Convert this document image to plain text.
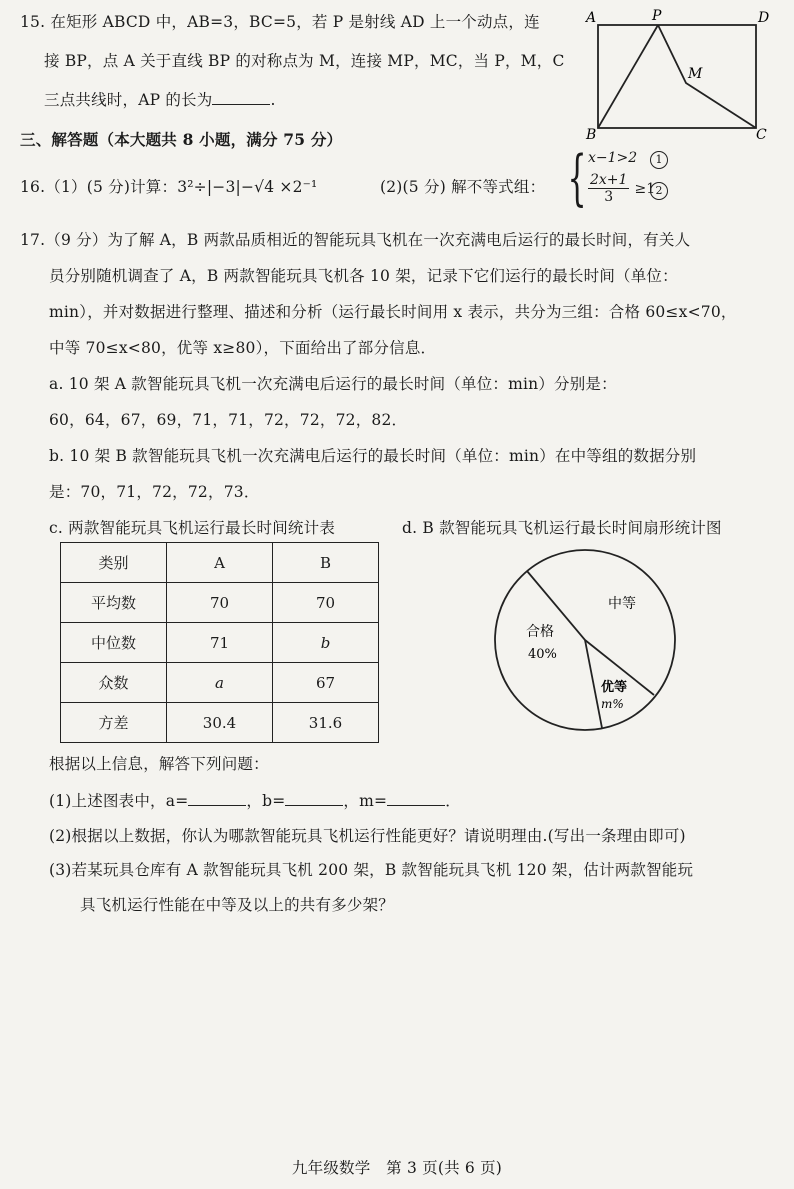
15. 在矩形 ABCD 中，AB=3，BC=5，若 P 是射线 AD 上一个动点，连
接 BP，点 A 关于直线 BP 的对称点为 M，连接 MP，MC，当 P，M，C
三点共线时，AP 的长为	.
A	P	D
B	C
M
三、解答题（本大题共 8 小题，满分 75 分）
16.（1）(5 分)计算：3²÷|−3|−√4 ×2⁻¹	(2)(5 分) 解不等式组： { x−1>2	1
$\frac{2x+1}{3} \ge 1$ 2
17.（9 分）为了解 A，B 两款品质相近的智能玩具飞机在一次充满电后运行的最长时间，有关人
员分别随机调查了 A，B 两款智能玩具飞机各 10 架，记录下它们运行的最长时间（单位：
min），并对数据进行整理、描述和分析（运行最长时间用 x 表示，共分为三组：合格 60≤x<70，
中等 70≤x<80，优等 x≥80），下面给出了部分信息．
a. 10 架 A 款智能玩具飞机一次充满电后运行的最长时间（单位：min）分别是：
60，64，67，69，71，71，72，72，72，82．
b. 10 架 B 款智能玩具飞机一次充满电后运行的最长时间（单位：min）在中等组的数据分别
是：70，71，72，72，73．
c. 两款智能玩具飞机运行最长时间统计表	d. B 款智能玩具飞机运行最长时间扇形统计图
类别	A	B
平均数	70	70
中位数	71	b
众数	a	67
方差	30.4	31.6
中等
合格
40%
优等
m%
根据以上信息，解答下列问题：
(1)上述图表中，a=	，b=	，m=	．
(2)根据以上数据，你认为哪款智能玩具飞机运行性能更好？请说明理由.(写出一条理由即可)
(3)若某玩具仓库有 A 款智能玩具飞机 200 架，B 款智能玩具飞机 120 架，估计两款智能玩
具飞机运行性能在中等及以上的共有多少架？
九年级数学　第 3 页(共 6 页)
